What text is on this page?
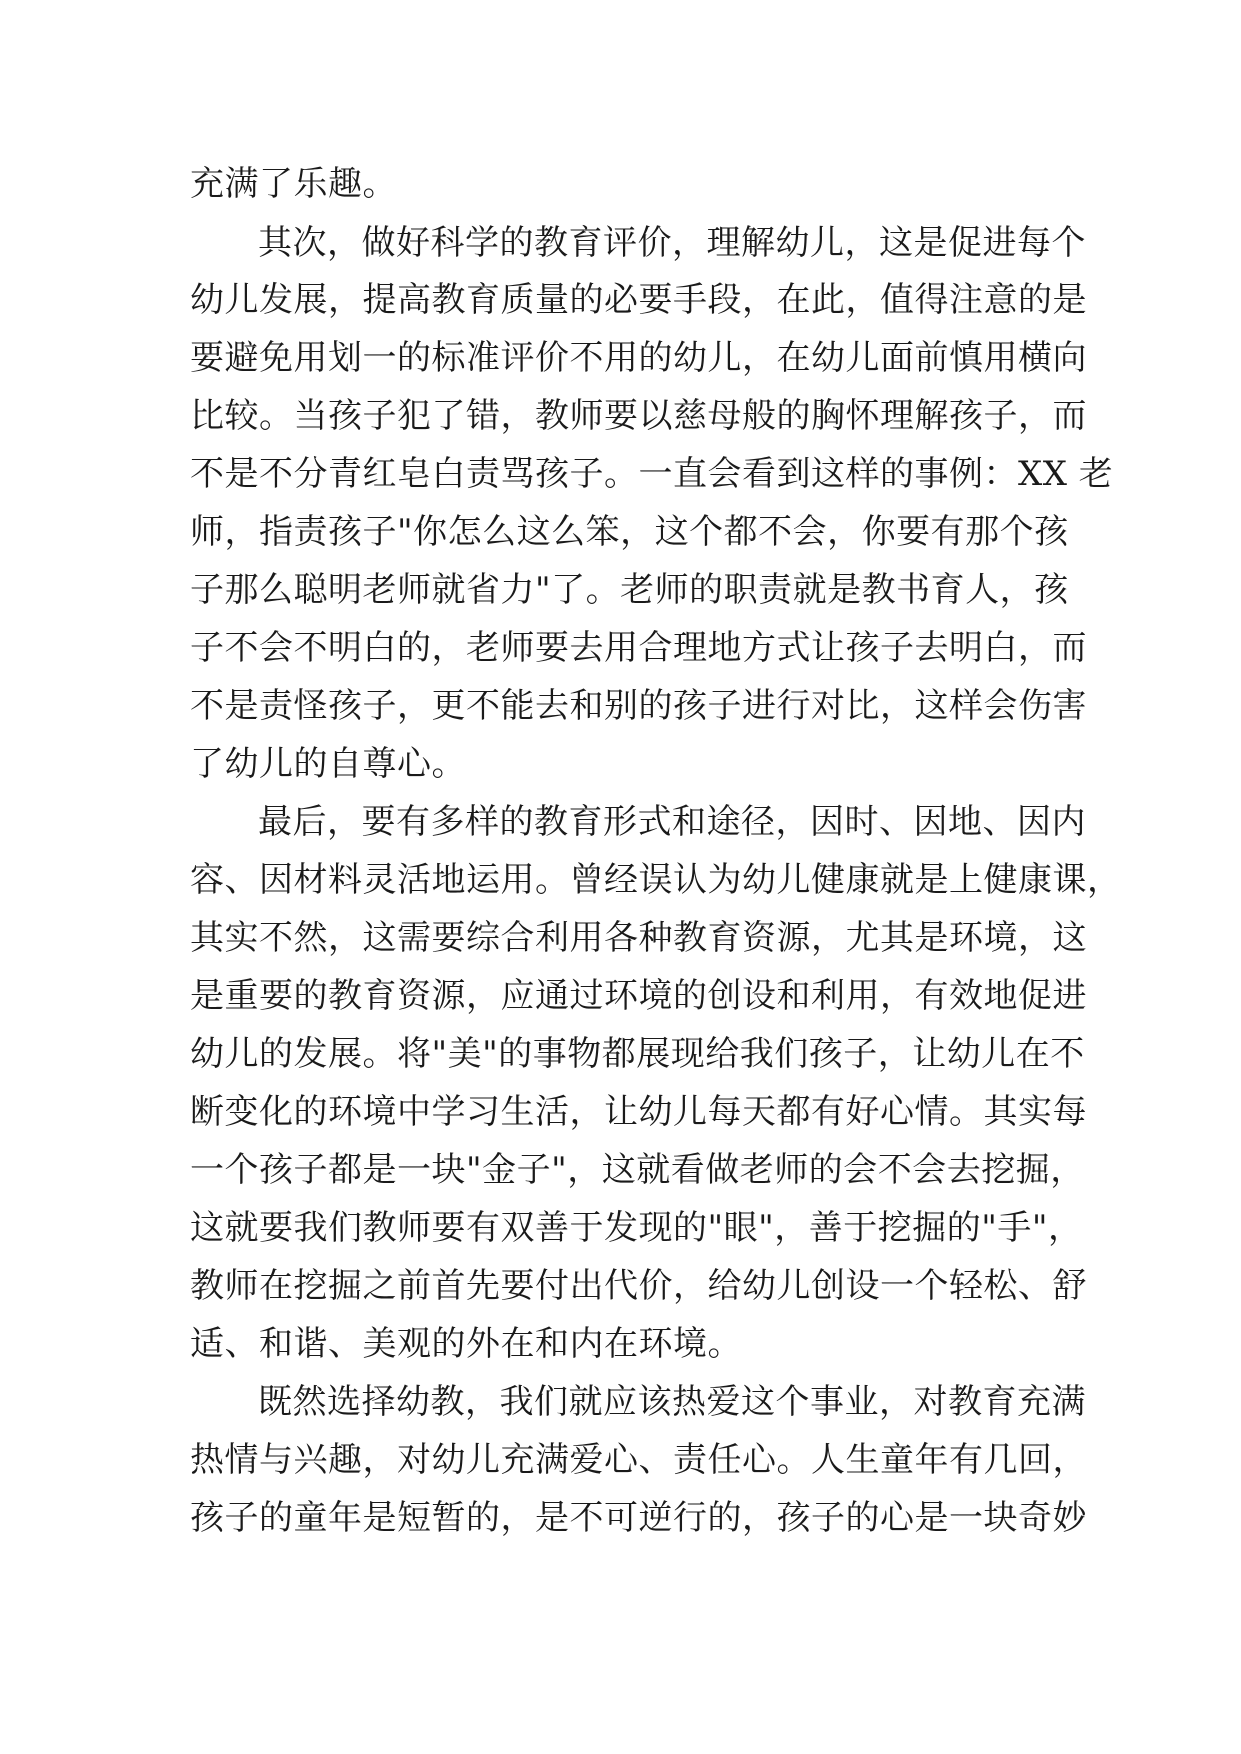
充满了乐趣。
其次，做好科学的教育评价，理解幼儿，这是促进每个
幼儿发展，提高教育质量的必要手段，在此，值得注意的是
要避免用划一的标准评价不用的幼儿，在幼儿面前慎用横向
比较。当孩子犯了错，教师要以慈母般的胸怀理解孩子，而
不是不分青红皂白责骂孩子。一直会看到这样的事例：XX 老
师，指责孩子"你怎么这么笨，这个都不会，你要有那个孩
子那么聪明老师就省力"了。老师的职责就是教书育人，孩
子不会不明白的，老师要去用合理地方式让孩子去明白，而
不是责怪孩子，更不能去和别的孩子进行对比，这样会伤害
了幼儿的自尊心。
最后，要有多样的教育形式和途径，因时、因地、因内
容、因材料灵活地运用。曾经误认为幼儿健康就是上健康课，
其实不然，这需要综合利用各种教育资源，尤其是环境，这
是重要的教育资源，应通过环境的创设和利用，有效地促进
幼儿的发展。将"美"的事物都展现给我们孩子，让幼儿在不
断变化的环境中学习生活，让幼儿每天都有好心情。其实每
一个孩子都是一块"金子"，这就看做老师的会不会去挖掘，
这就要我们教师要有双善于发现的"眼"，善于挖掘的"手"，
教师在挖掘之前首先要付出代价，给幼儿创设一个轻松、舒
适、和谐、美观的外在和内在环境。
既然选择幼教，我们就应该热爱这个事业，对教育充满
热情与兴趣，对幼儿充满爱心、责任心。人生童年有几回，
孩子的童年是短暂的，是不可逆行的，孩子的心是一块奇妙
